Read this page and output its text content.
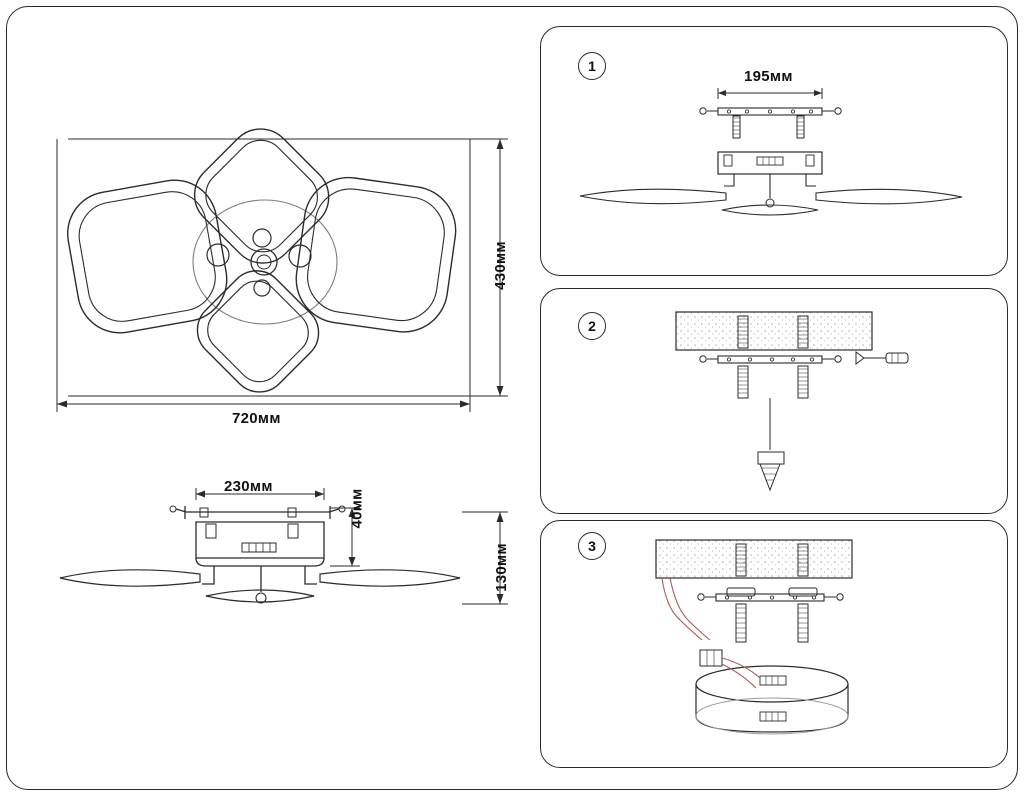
1
2
3
720мм
430мм
230мм
40мм
130мм
195мм
